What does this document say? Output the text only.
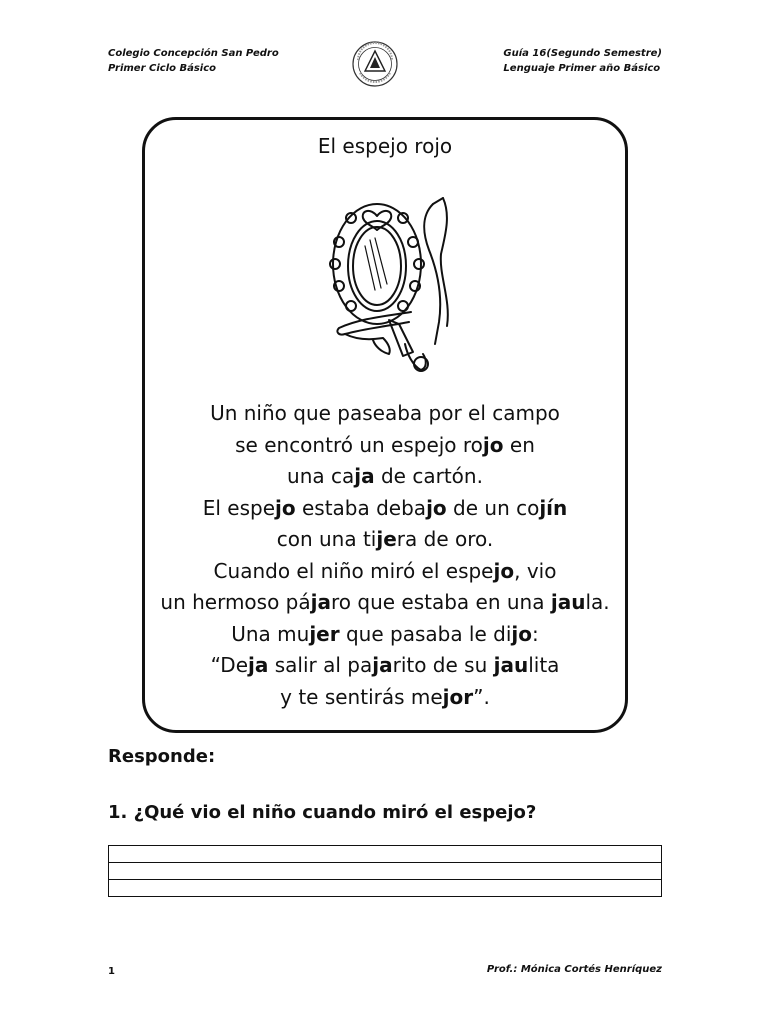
Colegio Concepción San Pedro
Primer Ciclo Básico
Guía 16(Segundo Semestre)
Lenguaje Primer año Básico
El espejo rojo
Un niño que paseaba por el campo
se encontró un espejo rojo en
una caja de cartón.
El espejo estaba debajo de un cojín
con una tijera de oro.
Cuando el niño miró el espejo, vio
un hermoso pájaro que estaba en una jaula.
Una mujer que pasaba le dijo:
“Deja salir al pajarito de su jaulita
y te sentirás mejor”.
Responde:
1. ¿Qué vio el niño cuando miró el espejo?
1	Prof.: Mónica Cortés Henríquez
